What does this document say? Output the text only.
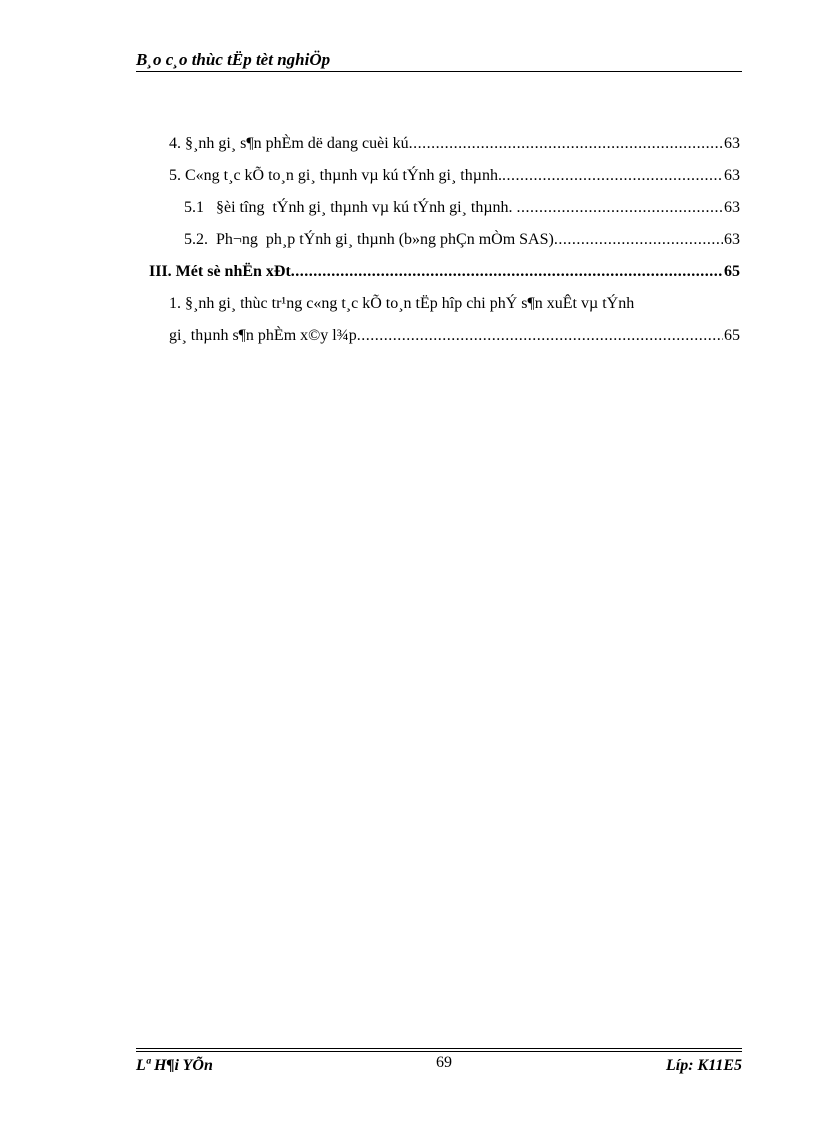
B¸o c¸o thùc tËp tèt nghiÖp
4. §¸nh gi¸ s¶n phÈm dë dang cuèi kú .....	63
5. C«ng t¸c kÕ to¸n gi¸ thµnh vµ kú tÝnh gi¸ thµnh. .....	63
5.1   §èi tîng  tÝnh gi¸ thµnh vµ kú tÝnh gi¸ thµnh. .....	63
5.2.  Ph¬ng  ph¸p tÝnh gi¸ thµnh (b»ng phÇn mÒm SAS) .....	63
III. Mét sè nhËn xÐt .....	65
1. §¸nh gi¸ thùc tr¹ng c«ng t¸c kÕ to¸n tËp hîp chi phÝ s¶n xuÊt vµ tÝnh
gi¸ thµnh s¶n phÈm x©y l¾p .....	65
Lª H¶i YÕn	69	Líp: K11E5
